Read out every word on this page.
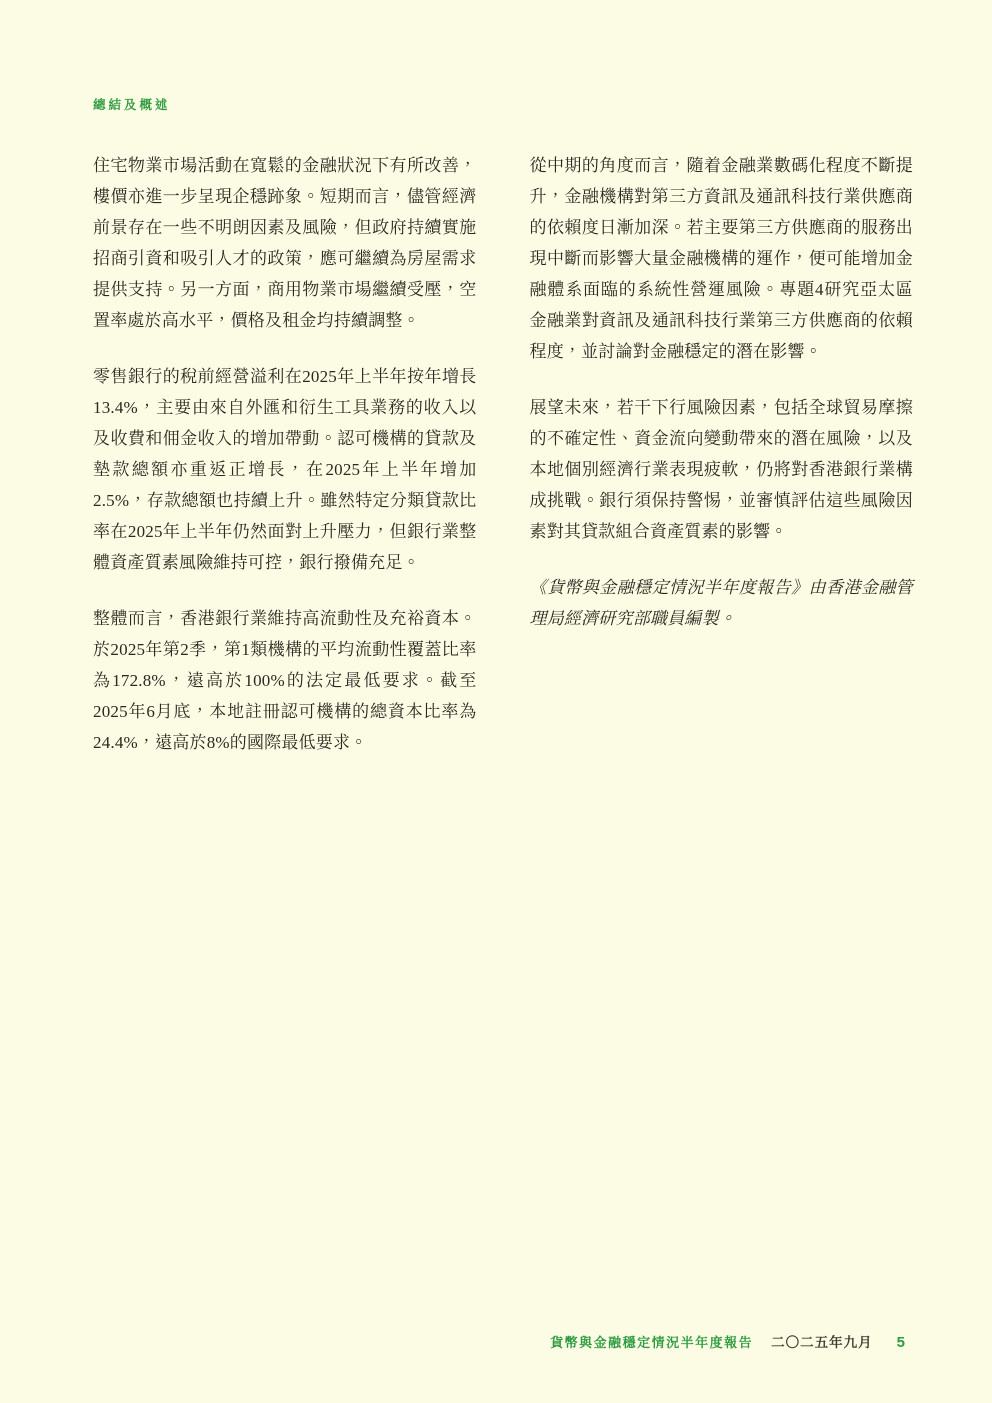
總結及概述

住宅物業市場活動在寬鬆的金融狀況下有所改善，樓價亦進一步呈現企穩跡象。短期而言，儘管經濟前景存在一些不明朗因素及風險，但政府持續實施招商引資和吸引人才的政策，應可繼續為房屋需求提供支持。另一方面，商用物業市場繼續受壓，空置率處於高水平，價格及租金均持續調整。

零售銀行的稅前經營溢利在2025年上半年按年增長13.4%，主要由來自外匯和衍生工具業務的收入以及收費和佣金收入的增加帶動。認可機構的貸款及墊款總額亦重返正增長，在2025年上半年增加2.5%，存款總額也持續上升。雖然特定分類貸款比率在2025年上半年仍然面對上升壓力，但銀行業整體資產質素風險維持可控，銀行撥備充足。

整體而言，香港銀行業維持高流動性及充裕資本。於2025年第2季，第1類機構的平均流動性覆蓋比率為172.8%，遠高於100%的法定最低要求。截至2025年6月底，本地註冊認可機構的總資本比率為24.4%，遠高於8%的國際最低要求。

從中期的角度而言，隨着金融業數碼化程度不斷提升，金融機構對第三方資訊及通訊科技行業供應商的依賴度日漸加深。若主要第三方供應商的服務出現中斷而影響大量金融機構的運作，便可能增加金融體系面臨的系統性營運風險。專題4研究亞太區金融業對資訊及通訊科技行業第三方供應商的依賴程度，並討論對金融穩定的潛在影響。

展望未來，若干下行風險因素，包括全球貿易摩擦的不確定性、資金流向變動帶來的潛在風險，以及本地個別經濟行業表現疲軟，仍將對香港銀行業構成挑戰。銀行須保持警惕，並審慎評估這些風險因素對其貸款組合資產質素的影響。

《貨幣與金融穩定情況半年度報告》由香港金融管理局經濟研究部職員編製。

貨幣與金融穩定情況半年度報告 二〇二五年九月 5
